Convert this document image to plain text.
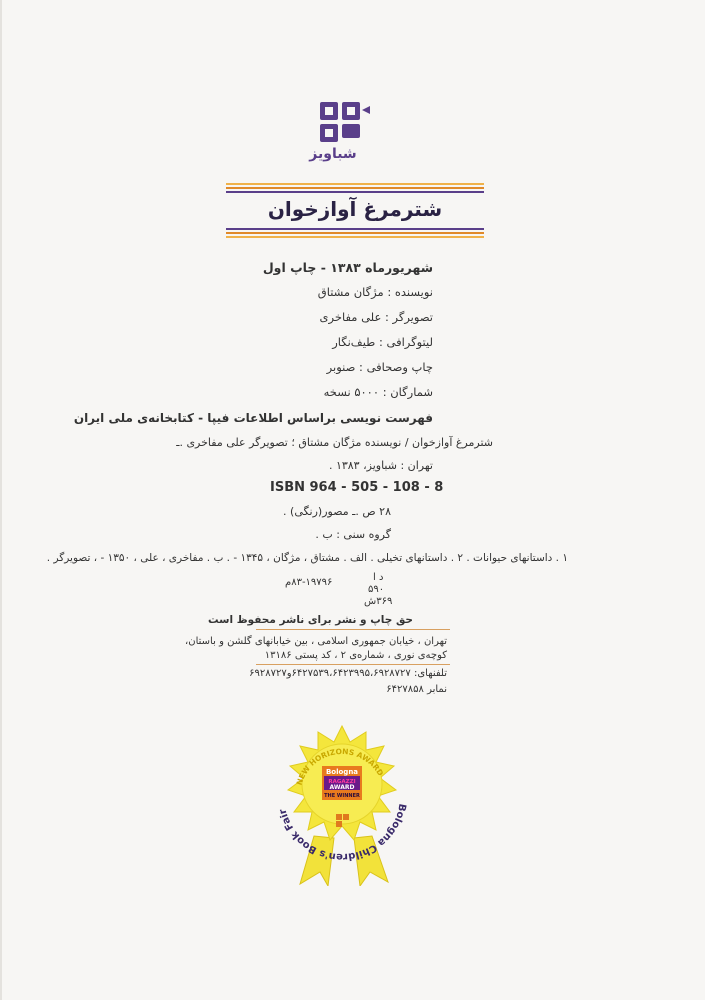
شباویز
شترمرغ آوازخوان
شهریورماه ۱۳۸۳ - چاپ اول
نویسنده : مژگان مشتاق
تصویرگر : علی مفاخری
لیتوگرافی : طیف‌نگار
چاپ وصحافی : صنوبر
شمارگان : ۵۰۰۰ نسخه
فهرست نویسی براساس اطلاعات فیپا - کتابخانه‌ی ملی ایران
شترمرغ آوازخوان / نویسنده مژگان مشتاق ؛ تصویرگر علی مفاخری .ـ
تهران : شباویز، ۱۳۸۳ .
ISBN 964 - 505 - 108 - 8
۲۸ ص .ـ مصور(رنگی) .
گروه سنی : ب .
۱ . داستانهای حیوانات . ۲ . داستانهای تخیلی . الف . مشتاق ، مژگان ، ۱۳۴۵ - . ب . مفاخری ، علی ، ۱۳۵۰ - ، تصویرگر .
۸۳-۱۹۷۹۶م	د ا
۵۹۰
۳۶۹ش
حق چاپ و نشر برای ناشر محفوظ است
تهران ، خیابان جمهوری اسلامی ، بین خیابانهای گلشن و باستان،
کوچه‌ی نوری ، شماره‌ی ۲ ، کد پستی ۱۳۱۸۶
تلفنهای: ۶۴۲۷۵۳۹،۶۴۲۳۹۹۵،۶۹۲۸۷۲۷و۶۹۲۸۷۲۷
نمابر ۶۴۲۷۸۵۸
NEW HORIZONS AWARD
Bologna
RAGAZZI
AWARD
THE WINNER
Bologna Children's Book Fair
